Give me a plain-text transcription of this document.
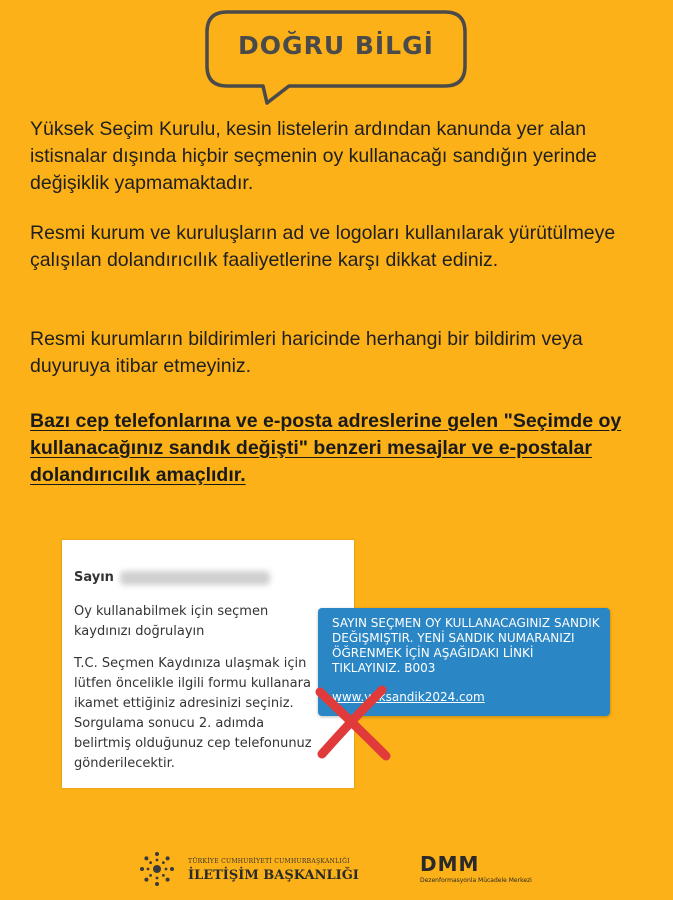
DOĞRU BİLGİ

Yüksek Seçim Kurulu, kesin listelerin ardından kanunda yer alan istisnalar dışında hiçbir seçmenin oy kullanacağı sandığın yerinde değişiklik yapmamaktadır.

Resmi kurum ve kuruluşların ad ve logoları kullanılarak yürütülmeye çalışılan dolandırıcılık faaliyetlerine karşı dikkat ediniz.

Resmi kurumların bildirimleri haricinde herhangi bir bildirim veya duyuruya itibar etmeyiniz.

Bazı cep telefonlarına ve e-posta adreslerine gelen "Seçimde oy kullanacağınız sandık değişti" benzeri mesajlar ve e-postalar dolandırıcılık amaçlıdır.

Sayın
Oy kullanabilmek için seçmen
kaydınızı doğrulayın
T.C. Seçmen Kaydınıza ulaşmak için
lütfen öncelikle ilgili formu kullanara
ikamet ettiğiniz adresinizi seçiniz.
Sorgulama sonucu 2. adımda
belirtmiş olduğunuz cep telefonunuz
gönderilecektir.
SAYIN SEÇMEN OY KULLANACAGINIZ SANDIK DEĞIŞMIŞTIR. YENİ SANDIK NUMARANIZI ÖĞRENMEK İÇİN AŞAĞIDAKI LİNKİ TIKLAYINIZ. B003
www.yeksandik2024.com
TÜRKİYE CUMHURİYETİ CUMHURBAŞKANLIĞI
İLETİŞİM BAŞKANLIĞI	DMM
Dezenformasyonla Mücadele Merkezi
